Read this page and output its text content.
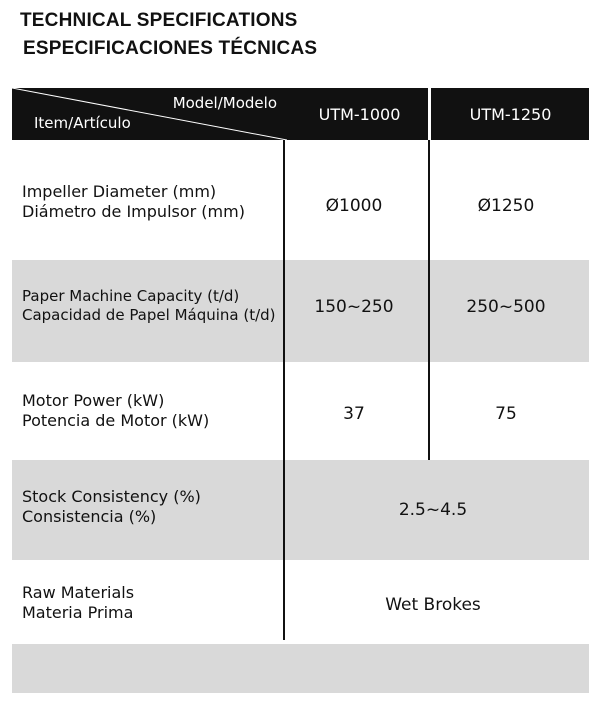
TECHNICAL SPECIFICATIONS
ESPECIFICACIONES TÉCNICAS
Model/Modelo
Item/Artículo	UTM-1000	UTM-1250
Impeller Diameter (mm)
Diámetro de Impulsor (mm)	Ø1000	Ø1250
Paper Machine Capacity (t/d)
Capacidad de Papel Máquina (t/d)	150~250	250~500
Motor Power (kW)
Potencia de Motor (kW)	37	75
Stock Consistency (%)
Consistencia (%)	2.5~4.5
Raw Materials
Materia Prima	Wet Brokes
